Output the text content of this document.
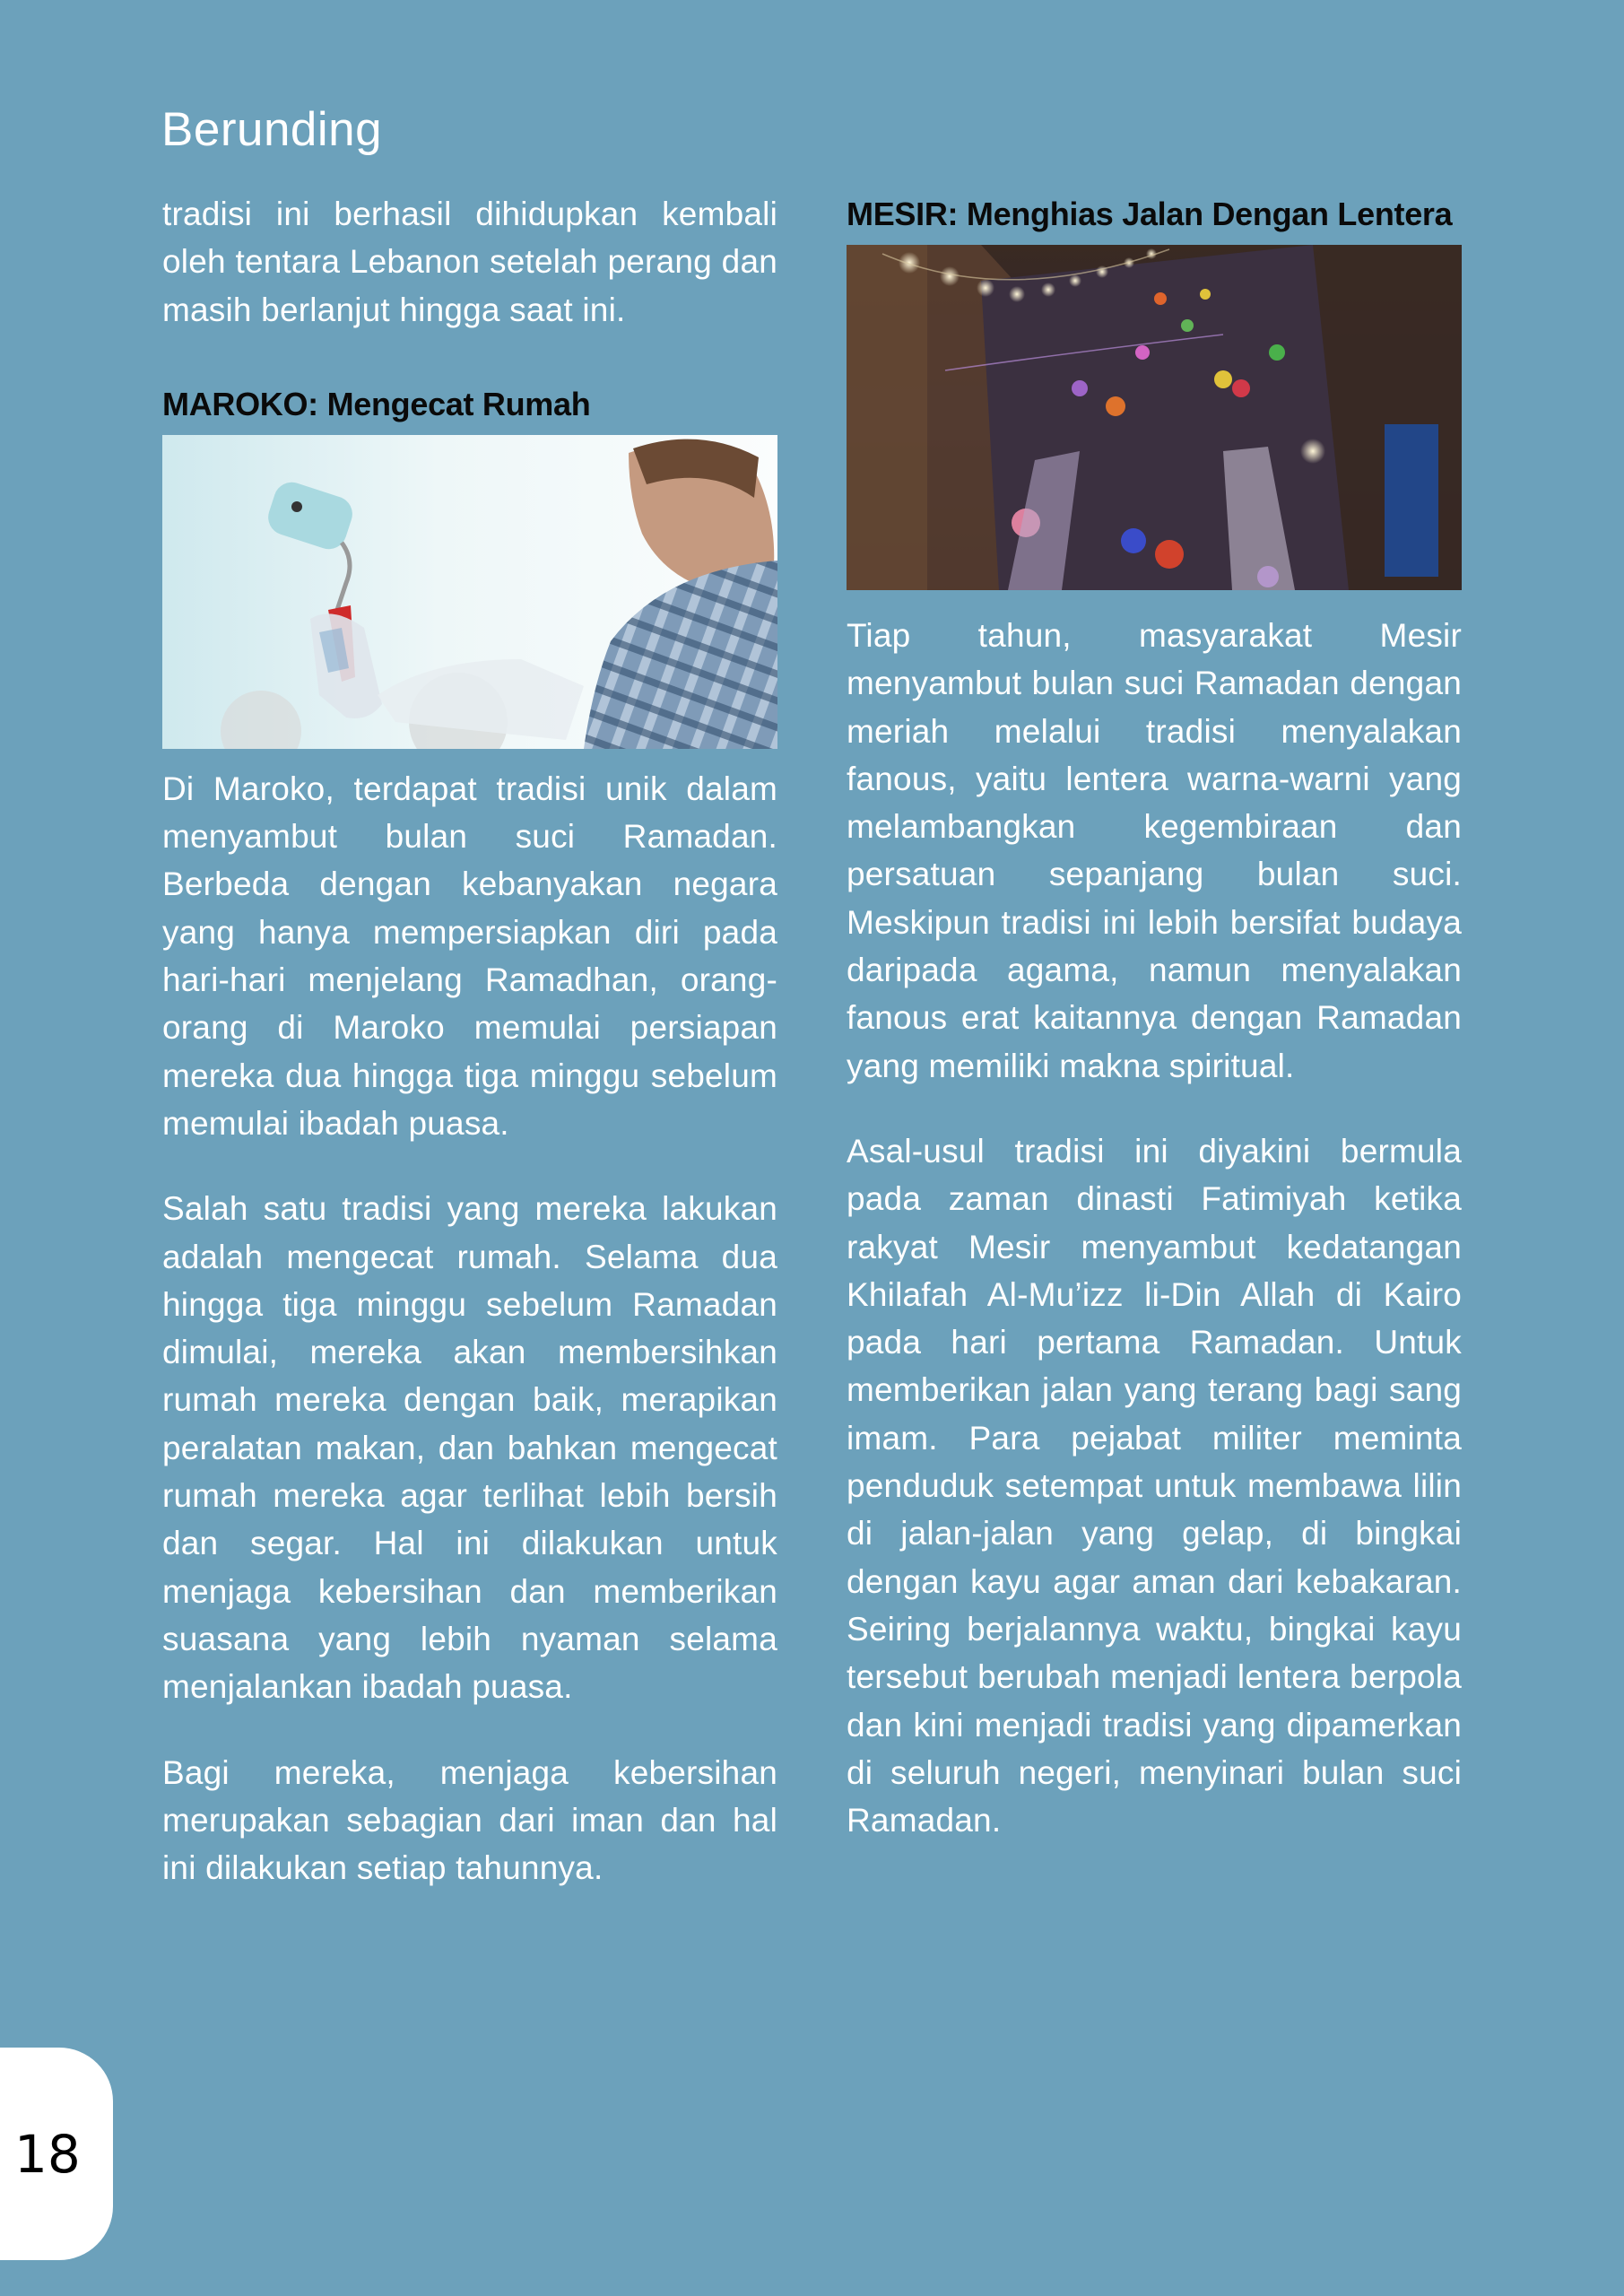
Berunding

tradisi ini berhasil dihidupkan kembali oleh tentara Lebanon setelah perang dan masih berlanjut hingga saat ini.

MAROKO: Mengecat Rumah

Di Maroko, terdapat tradisi unik dalam menyambut bulan suci Ramadan. Berbeda dengan kebanyakan negara yang hanya mempersiapkan diri pada hari-hari menjelang Ramadhan, orang-orang di Maroko memulai persiapan mereka dua hingga tiga minggu sebelum memulai ibadah puasa.

Salah satu tradisi yang mereka lakukan adalah mengecat rumah. Selama dua hingga tiga minggu sebelum Ramadan dimulai, mereka akan membersihkan rumah mereka dengan baik, merapikan peralatan makan, dan bahkan mengecat rumah mereka agar terlihat lebih bersih dan segar. Hal ini dilakukan untuk menjaga kebersihan dan memberikan suasana yang lebih nyaman selama menjalankan ibadah puasa.

Bagi mereka, menjaga kebersihan merupakan sebagian dari iman dan hal ini dilakukan setiap tahunnya.

MESIR: Menghias Jalan Dengan Lentera

Tiap tahun, masyarakat Mesir menyambut bulan suci Ramadan dengan meriah melalui tradisi menyalakan fanous, yaitu lentera warna-warni yang melambangkan kegembiraan dan persatuan sepanjang bulan suci. Meskipun tradisi ini lebih bersifat budaya daripada agama, namun menyalakan fanous erat kaitannya dengan Ramadan yang memiliki makna spiritual.

Asal-usul tradisi ini diyakini bermula pada zaman dinasti Fatimiyah ketika rakyat Mesir menyambut kedatangan Khilafah Al-Mu’izz li-Din Allah di Kairo pada hari pertama Ramadan. Untuk memberikan jalan yang terang bagi sang imam. Para pejabat militer meminta penduduk setempat untuk membawa lilin di jalan-jalan yang gelap, di bingkai dengan kayu agar aman dari kebakaran. Seiring berjalannya waktu, bingkai kayu tersebut berubah menjadi lentera berpola dan kini menjadi tradisi yang dipamerkan di seluruh negeri, menyinari bulan suci Ramadan.

18
